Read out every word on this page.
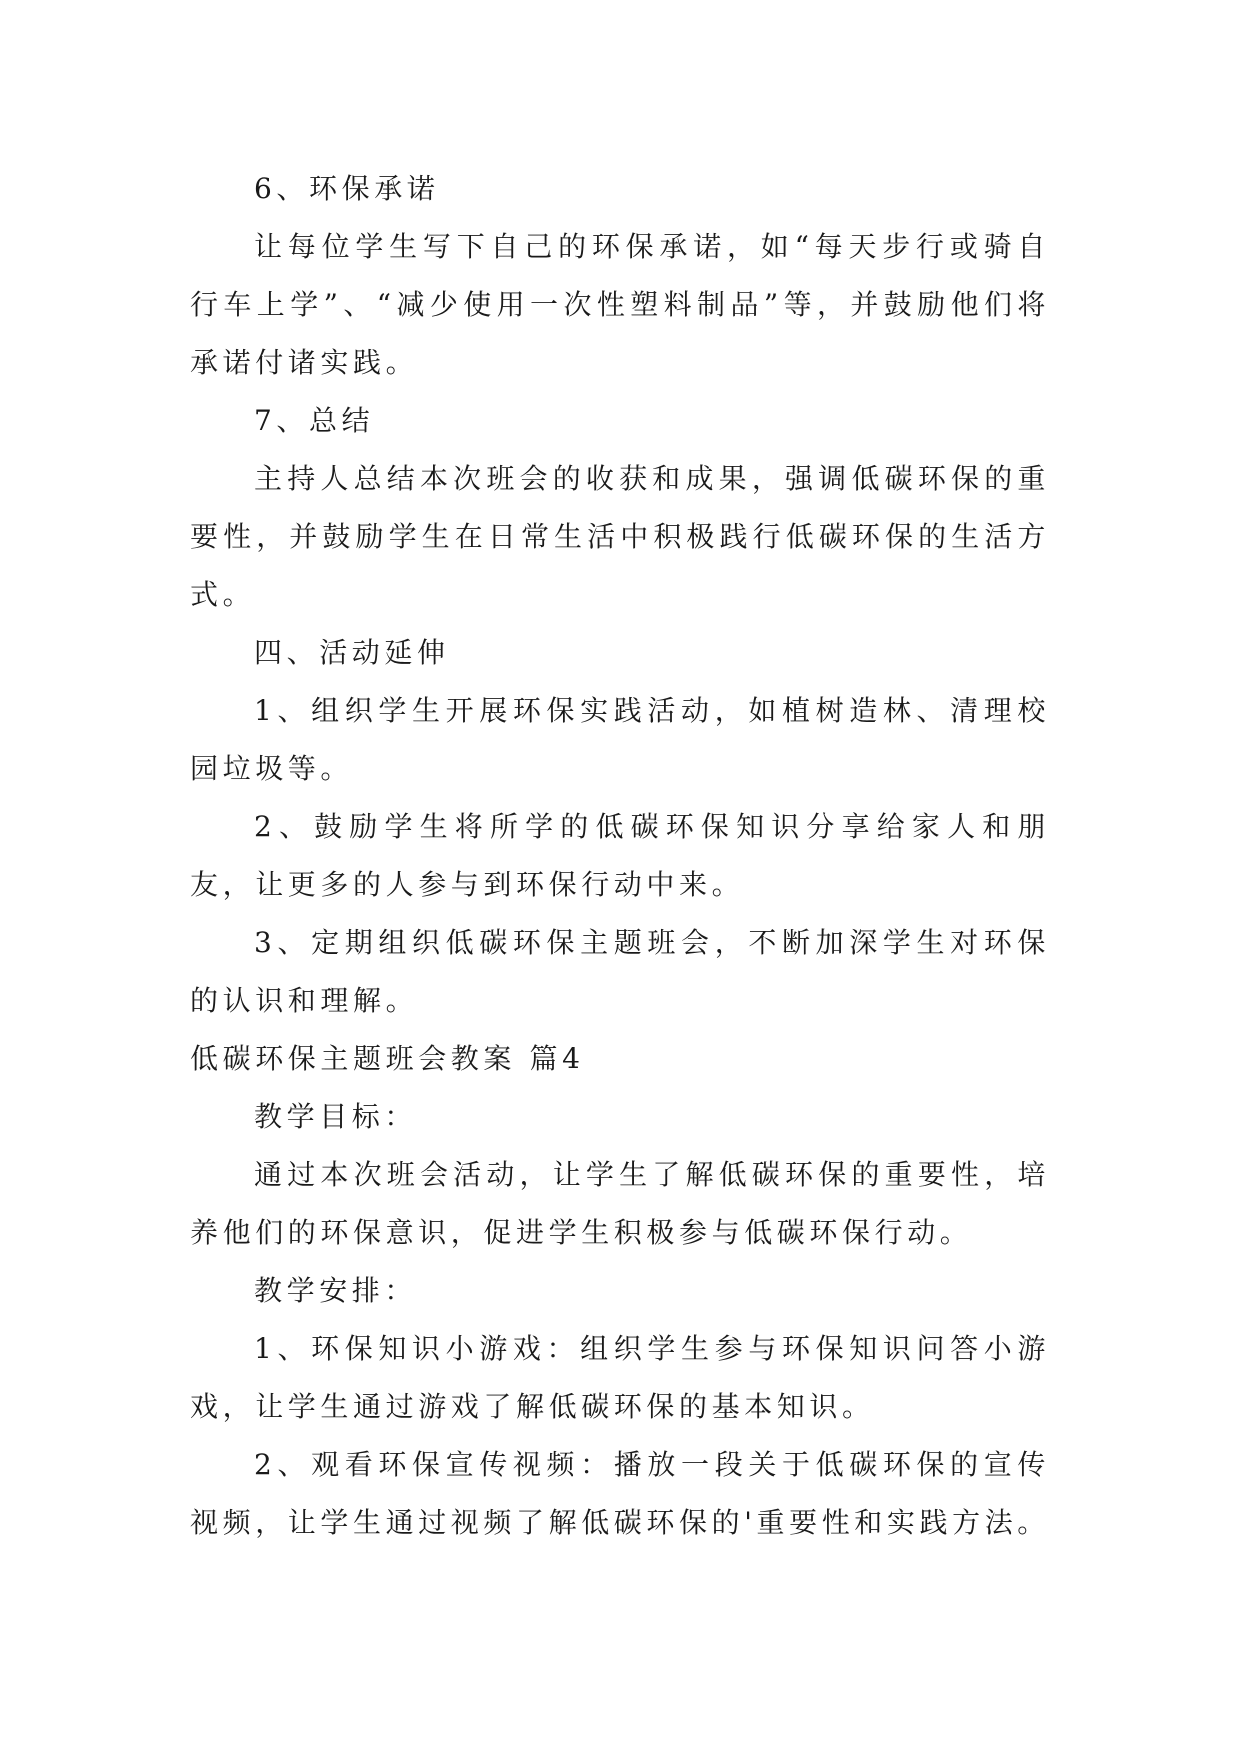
6、环保承诺

让每位学生写下自己的环保承诺，如“每天步行或骑自行车上学”、“减少使用一次性塑料制品”等，并鼓励他们将承诺付诸实践。

7、总结

主持人总结本次班会的收获和成果，强调低碳环保的重要性，并鼓励学生在日常生活中积极践行低碳环保的生活方式。

四、活动延伸

1、组织学生开展环保实践活动，如植树造林、清理校园垃圾等。

2、鼓励学生将所学的低碳环保知识分享给家人和朋友，让更多的人参与到环保行动中来。

3、定期组织低碳环保主题班会，不断加深学生对环保的认识和理解。

低碳环保主题班会教案 篇4

教学目标：

通过本次班会活动，让学生了解低碳环保的重要性，培养他们的环保意识，促进学生积极参与低碳环保行动。

教学安排：

1、环保知识小游戏：组织学生参与环保知识问答小游戏，让学生通过游戏了解低碳环保的基本知识。

2、观看环保宣传视频：播放一段关于低碳环保的宣传视频，让学生通过视频了解低碳环保的'重要性和实践方法。
